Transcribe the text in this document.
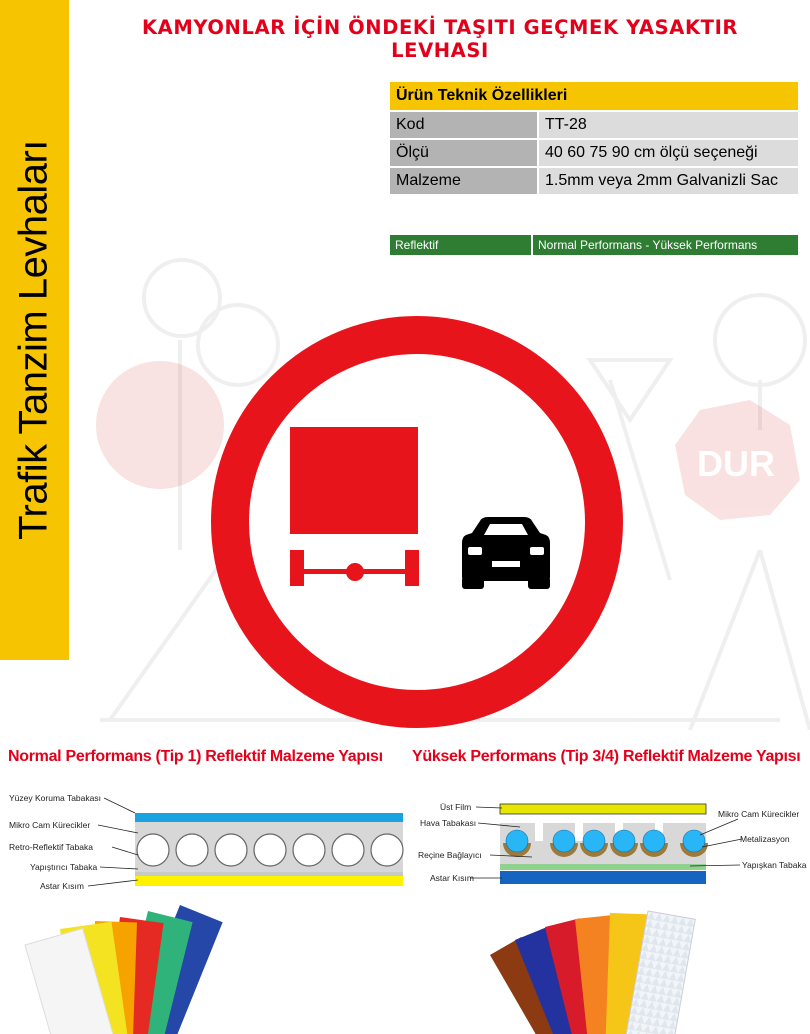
Trafik Tanzim Levhaları
KAMYONLAR İÇİN ÖNDEKİ TAŞITI GEÇMEK YASAKTIR LEVHASI
Ürün Teknik Özellikleri	
Kod	TT-28
Ölçü	40 60 75 90 cm ölçü seçeneği
Malzeme	1.5mm veya 2mm Galvanizli Sac
Reflektif	Normal Performans - Yüksek Performans
DUR
Normal Performans (Tip 1) Reflektif Malzeme Yapısı Yüksek Performans (Tip 3/4) Reflektif Malzeme Yapısı
Yüzey Koruma Tabakası
Mikro Cam Kürecikler
Retro-Reflektif Tabaka
Yapıştırıcı Tabaka
Astar Kısım
Üst Film
Hava Tabakası
Reçine Bağlayıcı
Astar Kısım
Mikro Cam Kürecikler
Metalizasyon
Yapışkan Tabaka
